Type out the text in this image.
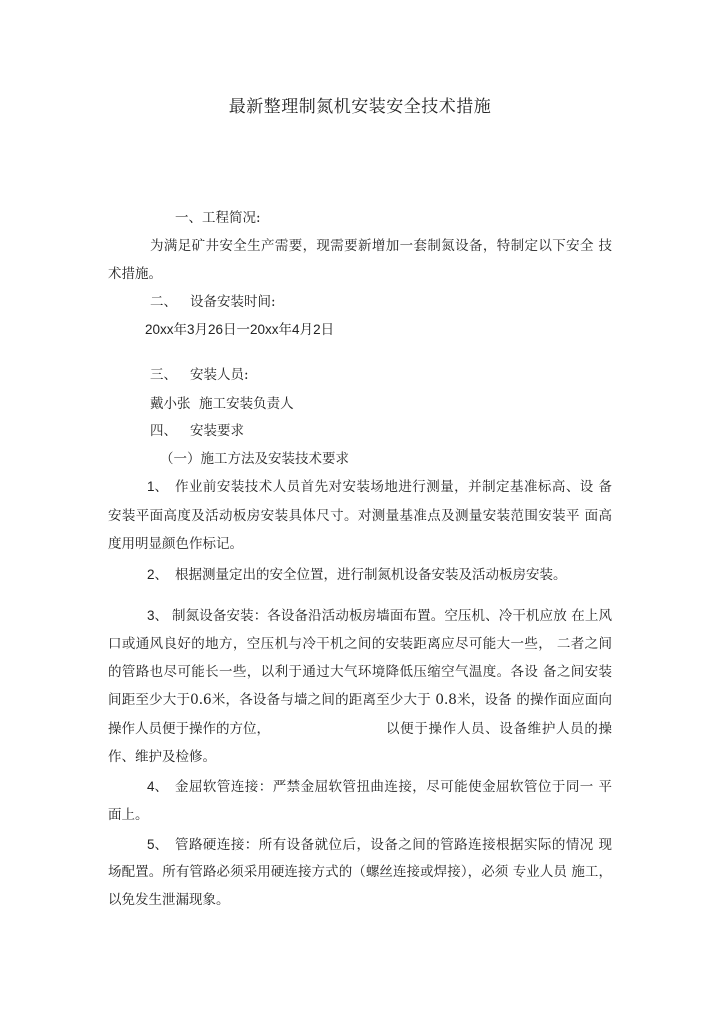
最新整理制氮机安装安全技术措施
一、工程简况:
为满足矿井安全生产需要，现需要新增加一套制氮设备，特制定以下安全 技
术措施。
二、 设备安装时间:
20xx年3月26日一20xx年4月2日
三、 安装人员:
戴小张  施工安装负责人
四、 安装要求
（一）施工方法及安装技术要求
1、 作业前安装技术人员首先对安装场地进行测量，并制定基准标高、设 备
安装平面高度及活动板房安装具体尺寸。对测量基准点及测量安装范围安装平 面高
度用明显颜色作标记。
2、 根据测量定出的安全位置，进行制氮机设备安装及活动板房安装。
3、 制氮设备安装：各设备沿活动板房墙面布置。空压机、冷干机应放 在上风
口或通风良好的地方，空压机与冷干机之间的安装距离应尽可能大一些， 二者之间
的管路也尽可能长一些，以利于通过大气环境降低压缩空气温度。各设 备之间安装
间距至少大于0.6米，各设备与墙之间的距离至少大于 0.8米，设备 的操作面应面向
操作人员便于操作的方位，	以便于操作人员、设备维护人员的操
作、维护及检修。
4、 金屈软管连接：严禁金屈软管扭曲连接，尽可能使金屈软管位于同一 平
面上。
5、 管路硬连接：所有设备就位后，设备之间的管路连接根据实际的情况 现
场配置。所有管路必须采用硬连接方式的（螺丝连接或焊接），必须 专业人员 施工，
以免发生泄漏现象。
